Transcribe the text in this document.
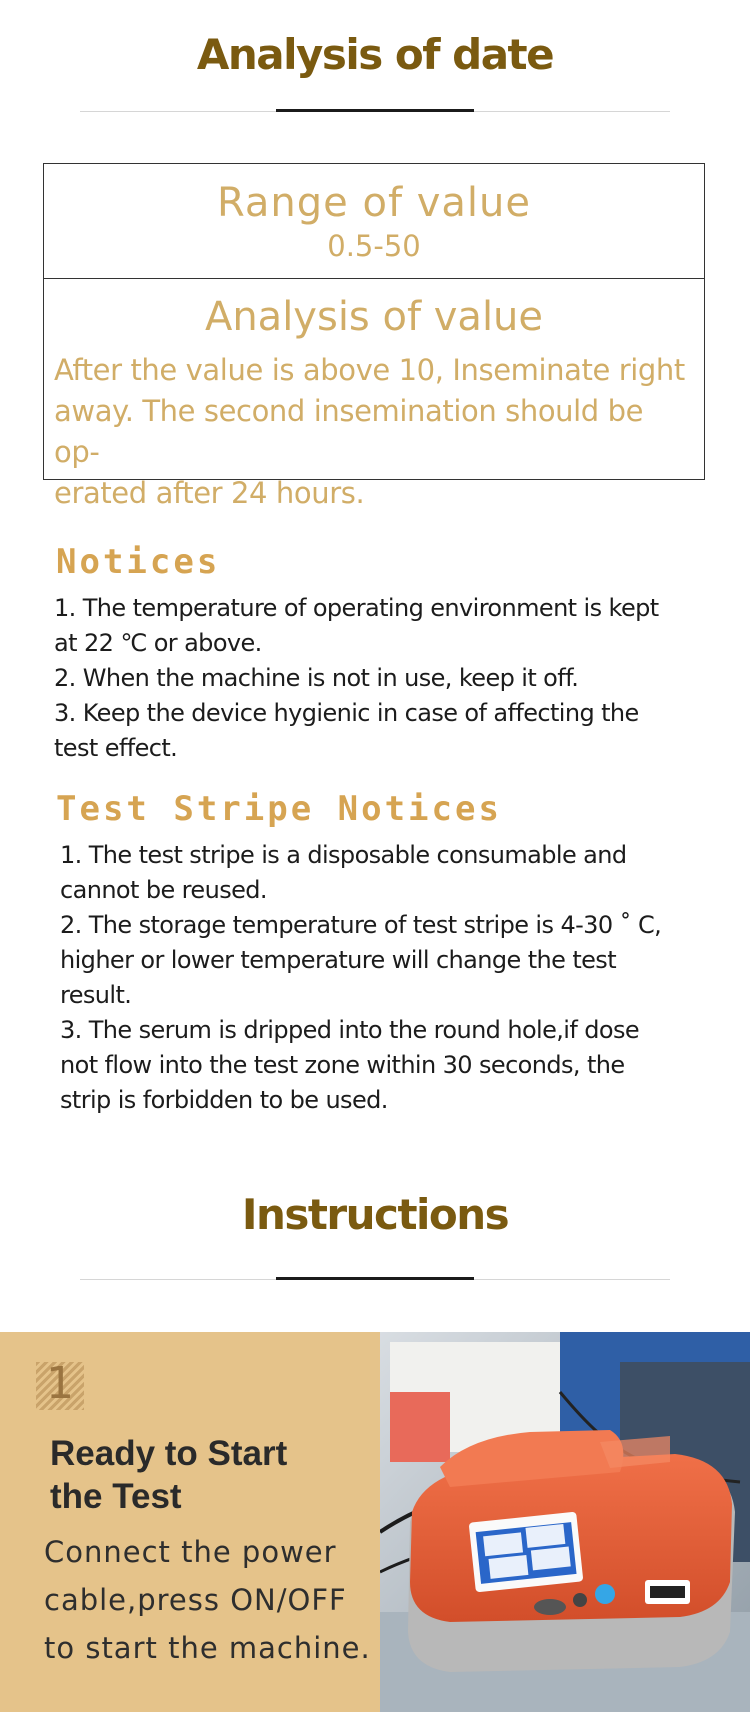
Analysis of date
Range of value
0.5-50
Analysis of value
After the value is above 10, Inseminate right
away. The second insemination should be op-
erated after 24 hours.
Notices
1. The temperature of operating environment is kept
at 22 ℃ or above.
2. When the machine is not in use, keep it off.
3. Keep the device hygienic in case of affecting the
test effect.
Test Stripe Notices
1. The test stripe is a disposable consumable and
cannot be reused.
2. The storage temperature of test stripe is 4-30 ˚ C,
higher or lower temperature will change the test
result.
3. The serum is dripped into the round hole,if dose
not flow into the test zone within 30 seconds, the
strip is forbidden to be used.
Instructions
1
Ready to Start
the Test
Connect the power
cable,press ON/OFF
to start the machine.
